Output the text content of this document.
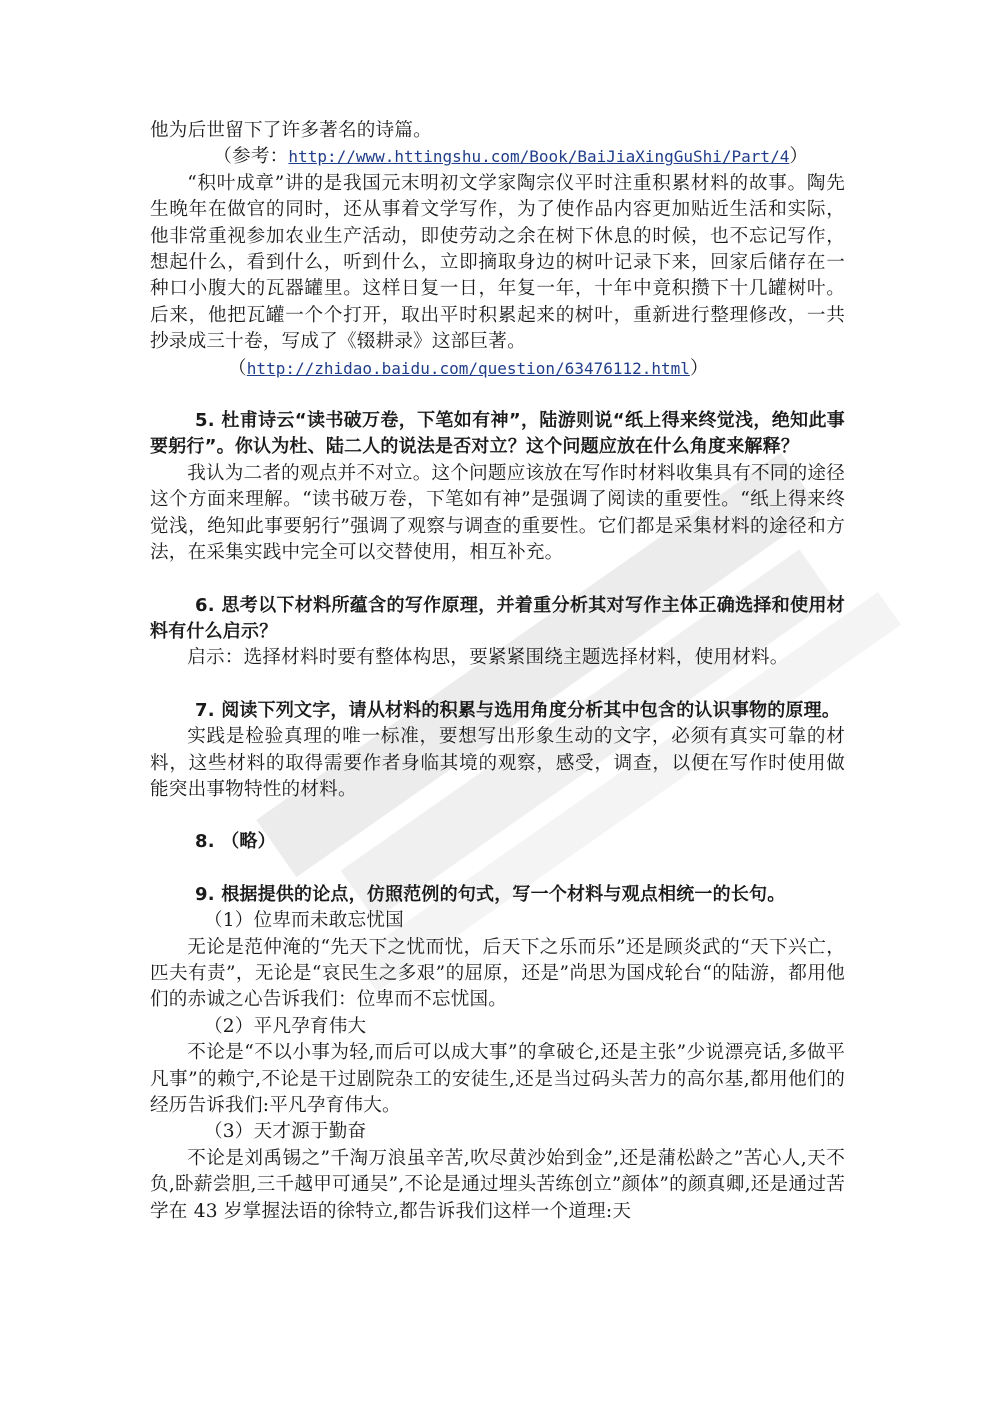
他为后世留下了许多著名的诗篇。

（参考：http://www.httingshu.com/Book/BaiJiaXingGuShi/Part/4）

“积叶成章”讲的是我国元末明初文学家陶宗仪平时注重积累材料的故事。陶先生晚年在做官的同时，还从事着文学写作，为了使作品内容更加贴近生活和实际，他非常重视参加农业生产活动，即使劳动之余在树下休息的时候，也不忘记写作，想起什么，看到什么，听到什么，立即摘取身边的树叶记录下来，回家后储存在一种口小腹大的瓦器罐里。这样日复一日，年复一年，十年中竟积攒下十几罐树叶。后来，他把瓦罐一个个打开，取出平时积累起来的树叶，重新进行整理修改，一共抄录成三十卷，写成了《辍耕录》这部巨著。

（http://zhidao.baidu.com/question/63476112.html）

5. 杜甫诗云“读书破万卷，下笔如有神”，陆游则说“纸上得来终觉浅，绝知此事要躬行”。你认为杜、陆二人的说法是否对立？这个问题应放在什么角度来解释？

我认为二者的观点并不对立。这个问题应该放在写作时材料收集具有不同的途径这个方面来理解。“读书破万卷，下笔如有神”是强调了阅读的重要性。“纸上得来终觉浅，绝知此事要躬行”强调了观察与调查的重要性。它们都是采集材料的途径和方法，在采集实践中完全可以交替使用，相互补充。

6. 思考以下材料所蕴含的写作原理，并着重分析其对写作主体正确选择和使用材料有什么启示？

启示：选择材料时要有整体构思，要紧紧围绕主题选择材料，使用材料。

7. 阅读下列文字，请从材料的积累与选用角度分析其中包含的认识事物的原理。

实践是检验真理的唯一标准，要想写出形象生动的文字，必须有真实可靠的材料，这些材料的取得需要作者身临其境的观察，感受，调查，以便在写作时使用做能突出事物特性的材料。

8. （略）

9. 根据提供的论点，仿照范例的句式，写一个材料与观点相统一的长句。

（1）位卑而未敢忘忧国

无论是范仲淹的“先天下之忧而忧，后天下之乐而乐”还是顾炎武的“天下兴亡，匹夫有责”，无论是“哀民生之多艰”的屈原，还是”尚思为国戍轮台“的陆游，都用他们的赤诚之心告诉我们：位卑而不忘忧国。

（2）平凡孕育伟大

不论是“不以小事为轻,而后可以成大事”的拿破仑,还是主张”少说漂亮话,多做平凡事”的赖宁,不论是干过剧院杂工的安徒生,还是当过码头苦力的高尔基,都用他们的经历告诉我们:平凡孕育伟大。

（3）天才源于勤奋

不论是刘禹锡之”千淘万浪虽辛苦,吹尽黄沙始到金”,还是蒲松龄之”苦心人,天不负,卧薪尝胆,三千越甲可通吴”,不论是通过埋头苦练创立”颜体”的颜真卿,还是通过苦学在 43 岁掌握法语的徐特立,都告诉我们这样一个道理:天
